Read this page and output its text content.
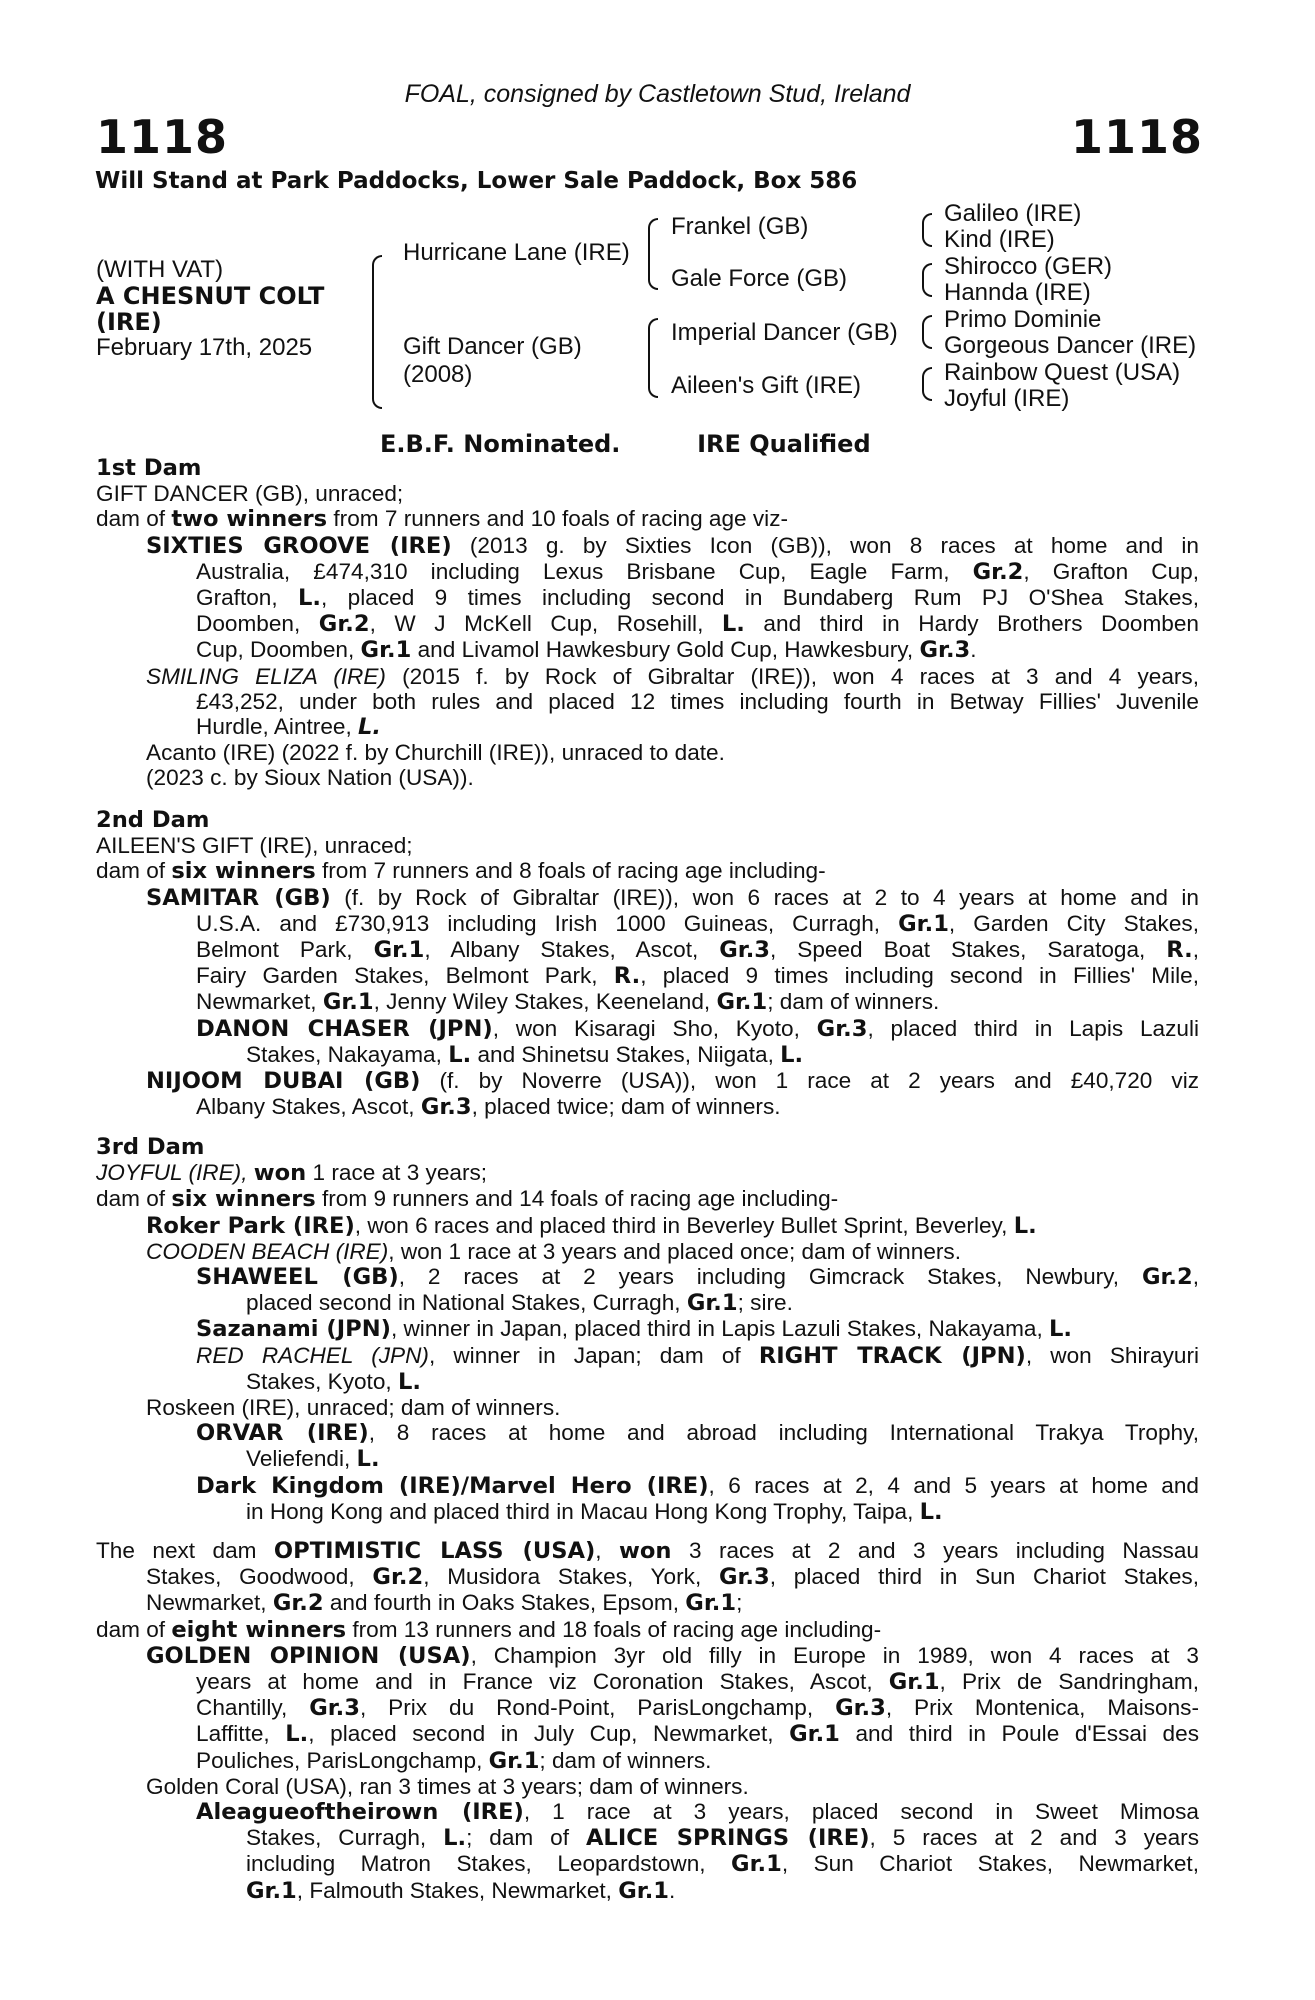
FOAL, consigned by Castletown Stud, Ireland
1118	1118
Will Stand at Park Paddocks, Lower Sale Paddock, Box 586
(WITH VAT)
A CHESNUT COLT
(IRE)
February 17th, 2025
Hurricane Lane (IRE)
Gift Dancer (GB)
(2008)
Frankel (GB)
Gale Force (GB)
Imperial Dancer (GB)
Aileen's Gift (IRE)
Galileo (IRE)
Kind (IRE)
Shirocco (GER)
Hannda (IRE)
Primo Dominie
Gorgeous Dancer (IRE)
Rainbow Quest (USA)
Joyful (IRE)
E.B.F. Nominated.	IRE Qualified
1st Dam
GIFT DANCER (GB), unraced;
dam of two winners from 7 runners and 10 foals of racing age viz-
SIXTIES GROOVE (IRE) (2013 g. by Sixties Icon (GB)), won 8 races at home and in
Australia, £474,310 including Lexus Brisbane Cup, Eagle Farm, Gr.2, Grafton Cup,
Grafton, L., placed 9 times including second in Bundaberg Rum PJ O'Shea Stakes,
Doomben, Gr.2, W J McKell Cup, Rosehill, L. and third in Hardy Brothers Doomben
Cup, Doomben, Gr.1 and Livamol Hawkesbury Gold Cup, Hawkesbury, Gr.3.
SMILING ELIZA (IRE) (2015 f. by Rock of Gibraltar (IRE)), won 4 races at 3 and 4 years,
£43,252, under both rules and placed 12 times including fourth in Betway Fillies' Juvenile
Hurdle, Aintree, L.
Acanto (IRE) (2022 f. by Churchill (IRE)), unraced to date.
(2023 c. by Sioux Nation (USA)).
2nd Dam
AILEEN'S GIFT (IRE), unraced;
dam of six winners from 7 runners and 8 foals of racing age including-
SAMITAR (GB) (f. by Rock of Gibraltar (IRE)), won 6 races at 2 to 4 years at home and in
U.S.A. and £730,913 including Irish 1000 Guineas, Curragh, Gr.1, Garden City Stakes,
Belmont Park, Gr.1, Albany Stakes, Ascot, Gr.3, Speed Boat Stakes, Saratoga, R.,
Fairy Garden Stakes, Belmont Park, R., placed 9 times including second in Fillies' Mile,
Newmarket, Gr.1, Jenny Wiley Stakes, Keeneland, Gr.1; dam of winners.
DANON CHASER (JPN), won Kisaragi Sho, Kyoto, Gr.3, placed third in Lapis Lazuli
Stakes, Nakayama, L. and Shinetsu Stakes, Niigata, L.
NIJOOM DUBAI (GB) (f. by Noverre (USA)), won 1 race at 2 years and £40,720 viz
Albany Stakes, Ascot, Gr.3, placed twice; dam of winners.
3rd Dam
JOYFUL (IRE), won 1 race at 3 years;
dam of six winners from 9 runners and 14 foals of racing age including-
Roker Park (IRE), won 6 races and placed third in Beverley Bullet Sprint, Beverley, L.
COODEN BEACH (IRE), won 1 race at 3 years and placed once; dam of winners.
SHAWEEL (GB), 2 races at 2 years including Gimcrack Stakes, Newbury, Gr.2,
placed second in National Stakes, Curragh, Gr.1; sire.
Sazanami (JPN), winner in Japan, placed third in Lapis Lazuli Stakes, Nakayama, L.
RED RACHEL (JPN), winner in Japan; dam of RIGHT TRACK (JPN), won Shirayuri
Stakes, Kyoto, L.
Roskeen (IRE), unraced; dam of winners.
ORVAR (IRE), 8 races at home and abroad including International Trakya Trophy,
Veliefendi, L.
Dark Kingdom (IRE)/Marvel Hero (IRE), 6 races at 2, 4 and 5 years at home and
in Hong Kong and placed third in Macau Hong Kong Trophy, Taipa, L.
The next dam OPTIMISTIC LASS (USA), won 3 races at 2 and 3 years including Nassau
Stakes, Goodwood, Gr.2, Musidora Stakes, York, Gr.3, placed third in Sun Chariot Stakes,
Newmarket, Gr.2 and fourth in Oaks Stakes, Epsom, Gr.1;
dam of eight winners from 13 runners and 18 foals of racing age including-
GOLDEN OPINION (USA), Champion 3yr old filly in Europe in 1989, won 4 races at 3
years at home and in France viz Coronation Stakes, Ascot, Gr.1, Prix de Sandringham,
Chantilly, Gr.3, Prix du Rond-Point, ParisLongchamp, Gr.3, Prix Montenica, Maisons-
Laffitte, L., placed second in July Cup, Newmarket, Gr.1 and third in Poule d'Essai des
Pouliches, ParisLongchamp, Gr.1; dam of winners.
Golden Coral (USA), ran 3 times at 3 years; dam of winners.
Aleagueoftheirown (IRE), 1 race at 3 years, placed second in Sweet Mimosa
Stakes, Curragh, L.; dam of ALICE SPRINGS (IRE), 5 races at 2 and 3 years
including Matron Stakes, Leopardstown, Gr.1, Sun Chariot Stakes, Newmarket,
Gr.1, Falmouth Stakes, Newmarket, Gr.1.
